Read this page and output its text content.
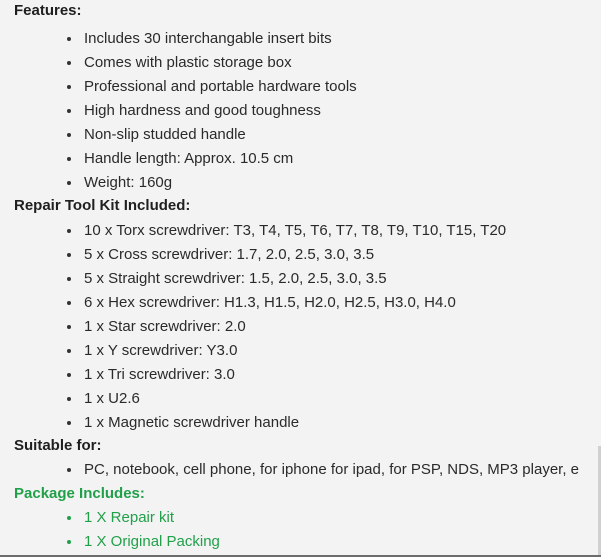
Features:
Includes 30 interchangable insert bits
Comes with plastic storage box
Professional and portable hardware tools
High hardness and good toughness
Non-slip studded handle
Handle length: Approx. 10.5 cm
Weight: 160g
Repair Tool Kit Included:
10 x Torx screwdriver: T3, T4, T5, T6, T7, T8, T9, T10, T15, T20
5 x Cross screwdriver: 1.7, 2.0, 2.5, 3.0, 3.5
5 x Straight screwdriver: 1.5, 2.0, 2.5, 3.0, 3.5
6 x Hex screwdriver: H1.3, H1.5, H2.0, H2.5, H3.0, H4.0
1 x Star screwdriver: 2.0
1 x Y screwdriver: Y3.0
1 x Tri screwdriver: 3.0
1 x U2.6
1 x Magnetic screwdriver handle
Suitable for:
PC, notebook, cell phone, for iphone for ipad, for PSP, NDS, MP3 player, e
Package Includes:
1 X Repair kit
1 X Original Packing
